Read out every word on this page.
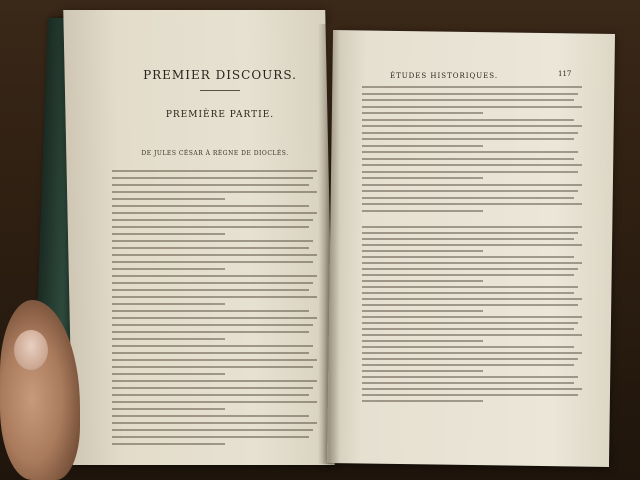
PREMIER DISCOURS.
PREMIÈRE PARTIE.
DE JULES CÉSAR À RÈGNE DE DIOCLÉS.
ÉTUDES HISTORIQUES.	117
